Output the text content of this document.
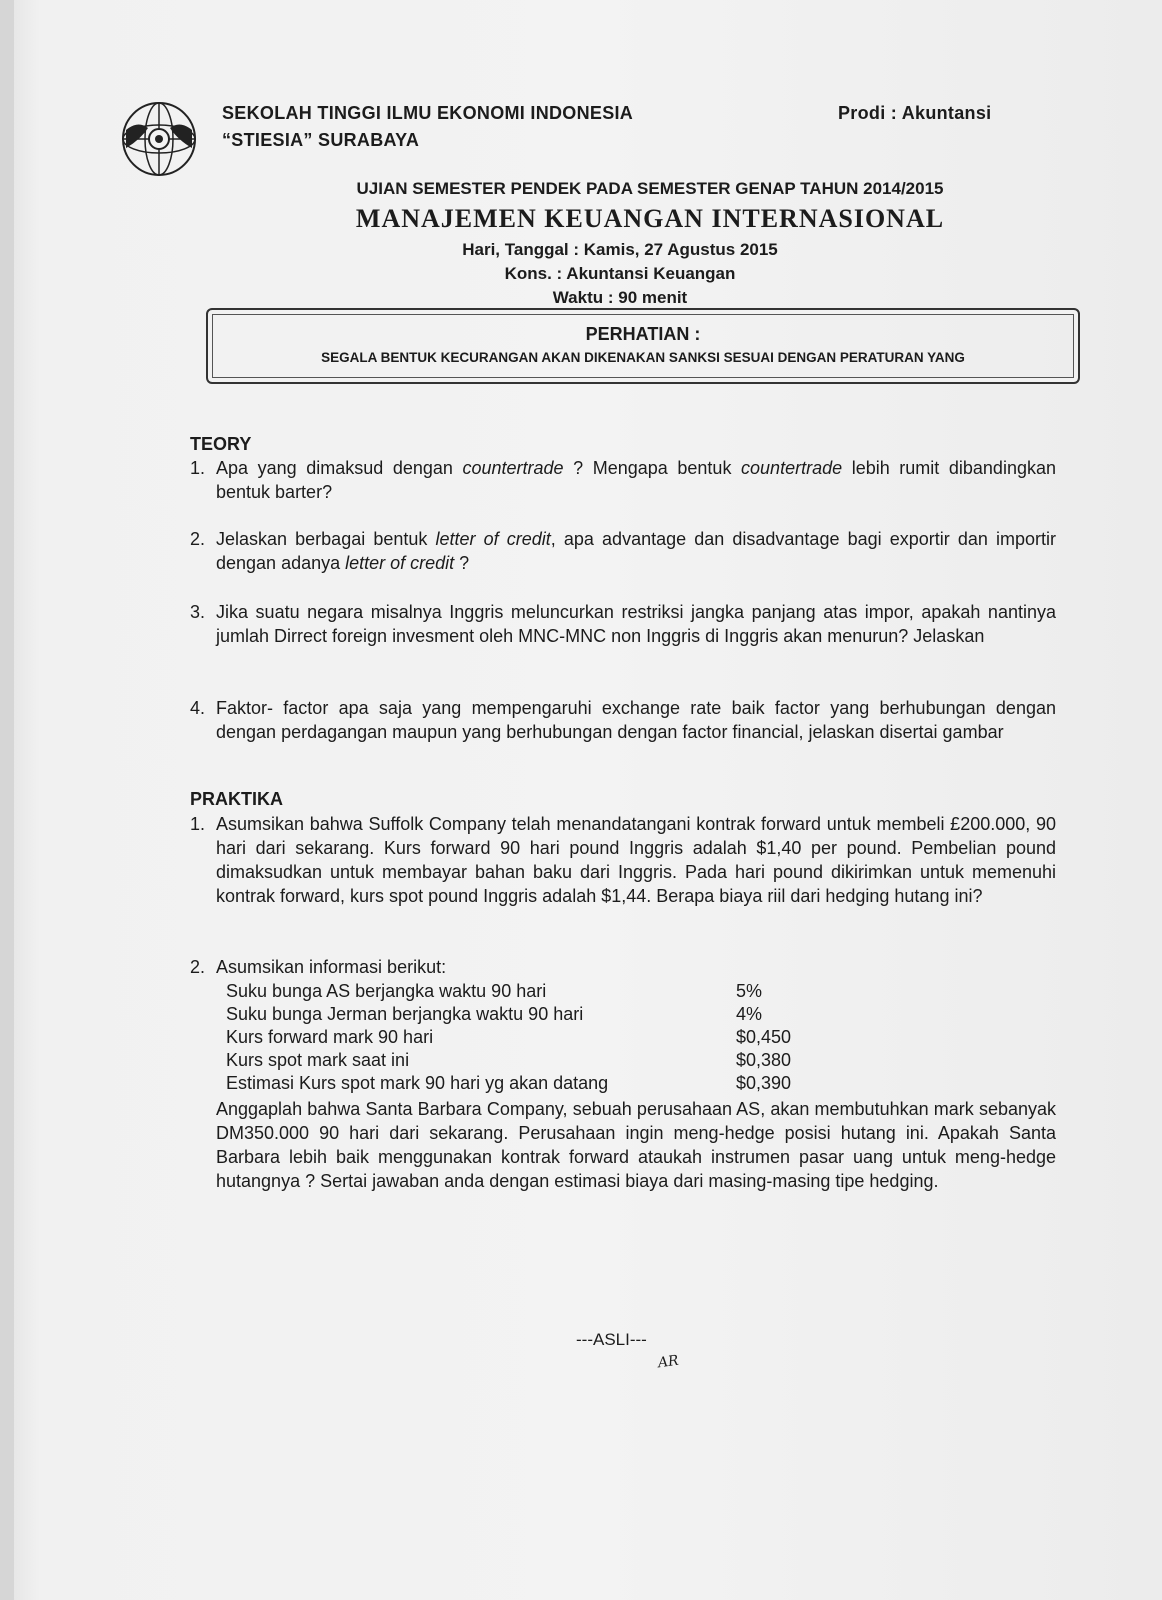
SEKOLAH TINGGI ILMU EKONOMI INDONESIA
“STIESIA” SURABAYA
Prodi : Akuntansi
UJIAN SEMESTER PENDEK PADA SEMESTER GENAP TAHUN 2014/2015
MANAJEMEN KEUANGAN INTERNASIONAL
Hari, Tanggal : Kamis, 27 Agustus 2015
Kons. : Akuntansi Keuangan
Waktu : 90 menit
PERHATIAN :
SEGALA BENTUK KECURANGAN AKAN DIKENAKAN SANKSI SESUAI DENGAN PERATURAN YANG
TEORY
1. Apa yang dimaksud dengan countertrade ? Mengapa bentuk countertrade lebih rumit dibandingkan bentuk barter?
2. Jelaskan berbagai bentuk letter of credit, apa advantage dan disadvantage bagi exportir dan importir dengan adanya letter of credit ?
3. Jika suatu negara misalnya Inggris meluncurkan restriksi jangka panjang atas impor, apakah nantinya jumlah Dirrect foreign invesment oleh MNC-MNC non Inggris di Inggris akan menurun? Jelaskan
4. Faktor- factor apa saja yang mempengaruhi exchange rate baik factor yang berhubungan dengan dengan perdagangan maupun yang berhubungan dengan factor financial, jelaskan disertai gambar
PRAKTIKA
1. Asumsikan bahwa Suffolk Company telah menandatangani kontrak forward untuk membeli £200.000, 90 hari dari sekarang. Kurs forward 90 hari pound Inggris adalah $1,40 per pound. Pembelian pound dimaksudkan untuk membayar bahan baku dari Inggris. Pada hari pound dikirimkan untuk memenuhi kontrak forward, kurs spot pound Inggris adalah $1,44. Berapa biaya riil dari hedging hutang ini?
2. Asumsikan informasi berikut:
Suku bunga AS berjangka waktu 90 hari	5%
Suku bunga Jerman berjangka waktu 90 hari	4%
Kurs forward mark 90 hari	$0,450
Kurs spot mark saat ini	$0,380
Estimasi Kurs spot mark 90 hari yg akan datang	$0,390
Anggaplah bahwa Santa Barbara Company, sebuah perusahaan AS, akan membutuhkan mark sebanyak DM350.000 90 hari dari sekarang. Perusahaan ingin meng-hedge posisi hutang ini. Apakah Santa Barbara lebih baik menggunakan kontrak forward ataukah instrumen pasar uang untuk meng-hedge hutangnya ? Sertai jawaban anda dengan estimasi biaya dari masing-masing tipe hedging.
---ASLI---
AR
